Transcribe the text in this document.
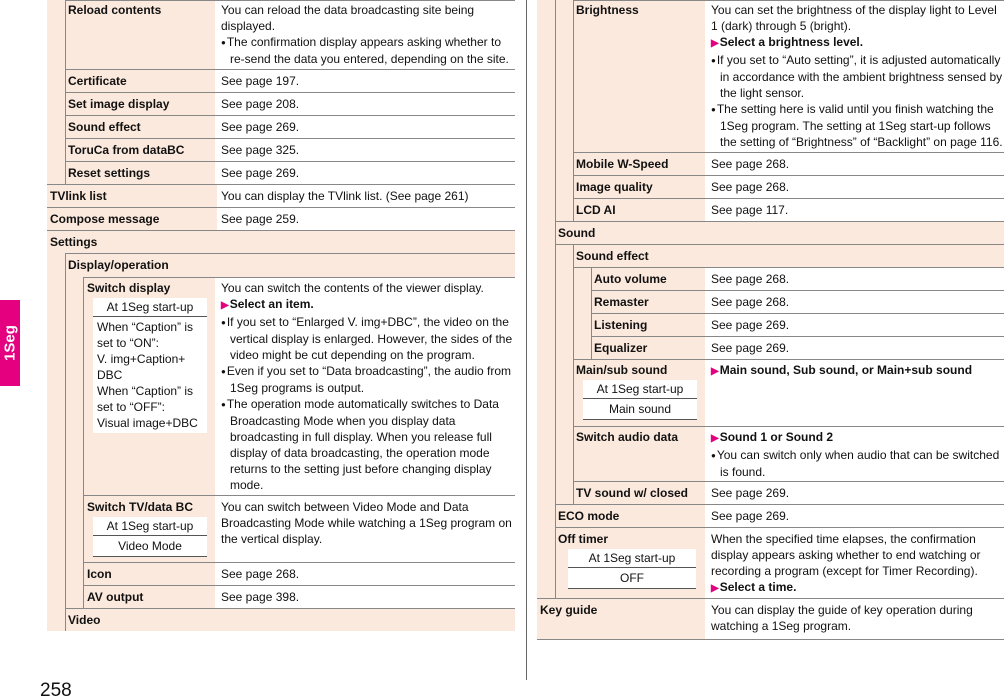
1Seg
258
Reload contents	You can reload the data broadcasting site being displayed.

● The confirmation display appears asking whether to re-send the data you entered, depending on the site.

Certificate	See page 197.
Set image display	See page 208.
Sound effect	See page 269.
ToruCa from dataBC	See page 325.
Reset settings	See page 269.
TVlink list	You can display the TVlink list. (See page 261)
Compose message	See page 259.
Settings
Display/operation
Switch display
At 1Seg start-up
When “Caption” is
set to “ON”:
V. img+Caption+
DBC
When “Caption” is
set to “OFF”:
Visual image+DBC

You can switch the contents of the viewer display.

▶ Select an item.

● If you set to “Enlarged V. img+DBC”, the video on the vertical display is enlarged. However, the sides of the video might be cut depending on the program.

● Even if you set to “Data broadcasting”, the audio from 1Seg programs is output.

● The operation mode automatically switches to Data Broadcasting Mode when you display data broadcasting in full display. When you release full display of data broadcasting, the operation mode returns to the setting just before changing display mode.

Switch TV/data BC
At 1Seg start-up
Video Mode
You can switch between Video Mode and Data Broadcasting Mode while watching a 1Seg program on the vertical display.
Icon	See page 268.
AV output	See page 398.
Video
Brightness	You can set the brightness of the display light to Level 1 (dark) through 5 (bright).

▶ Select a brightness level.

● If you set to “Auto setting”, it is adjusted automatically in accordance with the ambient brightness sensed by the light sensor.

● The setting here is valid until you finish watching the 1Seg program. The setting at 1Seg start-up follows the setting of “Brightness” of “Backlight” on page 116.

Mobile W-Speed	See page 268.
Image quality	See page 268.
LCD AI	See page 117.
Sound
Sound effect
Auto volume	See page 268.
Remaster	See page 268.
Listening	See page 269.
Equalizer	See page 269.
Main/sub sound
At 1Seg start-up
Main sound

▶ Main sound, Sub sound, or Main+sub sound

Switch audio data

▶	Sound 1 or Sound 2

● You can switch only when audio that can be switched is found.

TV sound w/ closed See page 269.
ECO mode	See page 269.
Off timer
At 1Seg start-up
OFF

When the specified time elapses, the confirmation display appears asking whether to end watching or recording a program (except for Timer Recording).

▶ Select a time.

Key guide	You can display the guide of key operation during watching a 1Seg program.
